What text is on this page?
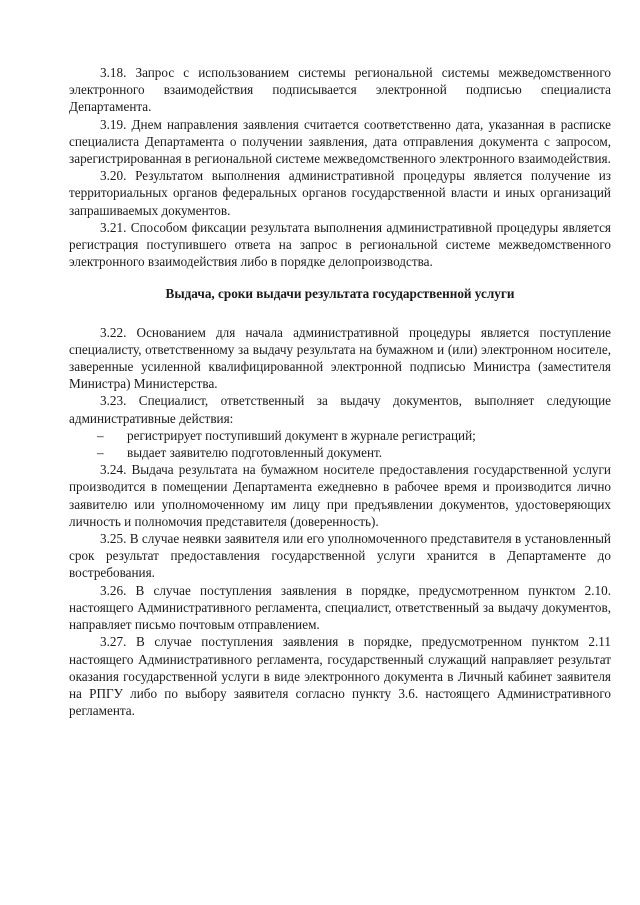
3.18. Запрос с использованием системы региональной системы межведомственного электронного взаимодействия подписывается электронной подписью специалиста Департамента.

3.19. Днем направления заявления считается соответственно дата, указанная в расписке специалиста Департамента о получении заявления, дата отправления документа с запросом, зарегистрированная в региональной системе межведомственного электронного взаимодействия.

3.20. Результатом выполнения административной процедуры является получение из территориальных органов федеральных органов государственной власти и иных организаций запрашиваемых документов.

3.21. Способом фиксации результата выполнения административной процедуры является регистрация поступившего ответа на запрос в региональной системе межведомственного электронного взаимодействия либо в порядке делопроизводства.

Выдача, сроки выдачи результата государственной услуги

3.22. Основанием для начала административной процедуры является поступление специалисту, ответственному за выдачу результата на бумажном и (или) электронном носителе, заверенные усиленной квалифицированной электронной подписью Министра (заместителя Министра) Министерства.

3.23. Специалист, ответственный за выдачу документов, выполняет следующие административные действия:

– регистрирует поступивший документ в журнале регистраций;

– выдает заявителю подготовленный документ.

3.24. Выдача результата на бумажном носителе предоставления государственной услуги производится в помещении Департамента ежедневно в рабочее время и производится лично заявителю или уполномоченному им лицу при предъявлении документов, удостоверяющих личность и полномочия представителя (доверенность).

3.25. В случае неявки заявителя или его уполномоченного представителя в установленный срок результат предоставления государственной услуги хранится в Департаменте до востребования.

3.26. В случае поступления заявления в порядке, предусмотренном пунктом 2.10. настоящего Административного регламента, специалист, ответственный за выдачу документов, направляет письмо почтовым отправлением.

3.27. В случае поступления заявления в порядке, предусмотренном пунктом 2.11 настоящего Административного регламента, государственный служащий направляет результат оказания государственной услуги в виде электронного документа в Личный кабинет заявителя на РПГУ либо по выбору заявителя согласно пункту 3.6. настоящего Административного регламента.
